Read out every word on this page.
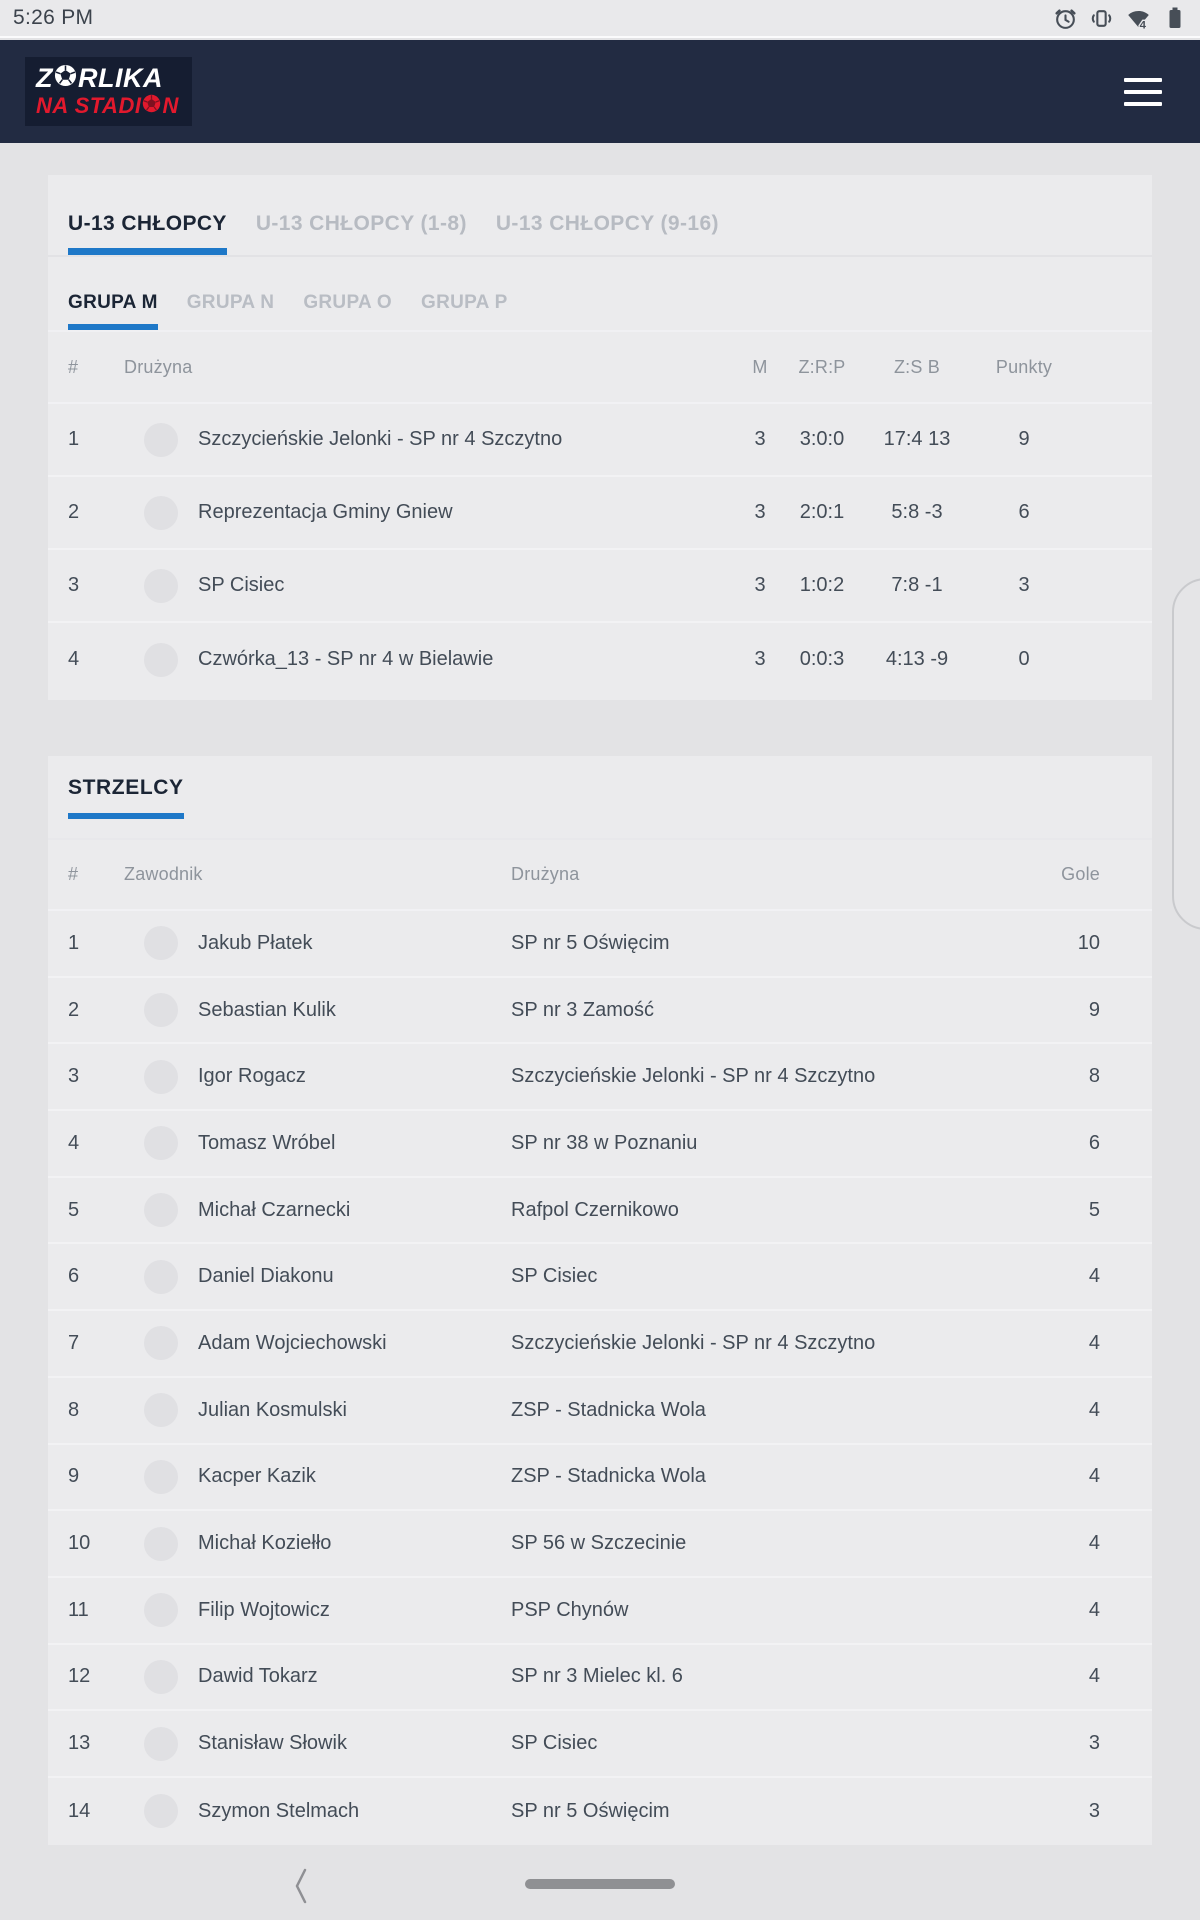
5:26 PM	4
Z RLIKA
NA STADI N
U-13 CHŁOPCY U-13 CHŁOPCY (1-8) U-13 CHŁOPCY (9-16)
GRUPA M GRUPA N GRUPA O GRUPA P
#	Drużyna	M	Z:R:P	Z:S B	Punkty
1	Szczycieńskie Jelonki - SP nr 4 Szczytno	3	3:0:0	17:4 13	9
2	Reprezentacja Gminy Gniew	3	2:0:1	5:8 -3	6
3	SP Cisiec	3	1:0:2	7:8 -1	3
4	Czwórka_13 - SP nr 4 w Bielawie	3	0:0:3	4:13 -9	0
STRZELCY
#	Zawodnik	Drużyna	Gole
1	Jakub Płatek	SP nr 5 Oświęcim	10
2	Sebastian Kulik	SP nr 3 Zamość	9
3	Igor Rogacz	Szczycieńskie Jelonki - SP nr 4 Szczytno	8
4	Tomasz Wróbel	SP nr 38 w Poznaniu	6
5	Michał Czarnecki	Rafpol Czernikowo	5
6	Daniel Diakonu	SP Cisiec	4
7	Adam Wojciechowski	Szczycieńskie Jelonki - SP nr 4 Szczytno	4
8	Julian Kosmulski	ZSP - Stadnicka Wola	4
9	Kacper Kazik	ZSP - Stadnicka Wola	4
10	Michał Koziełło	SP 56 w Szczecinie	4
11	Filip Wojtowicz	PSP Chynów	4
12	Dawid Tokarz	SP nr 3 Mielec kl. 6	4
13	Stanisław Słowik	SP Cisiec	3
14	Szymon Stelmach	SP nr 5 Oświęcim	3
